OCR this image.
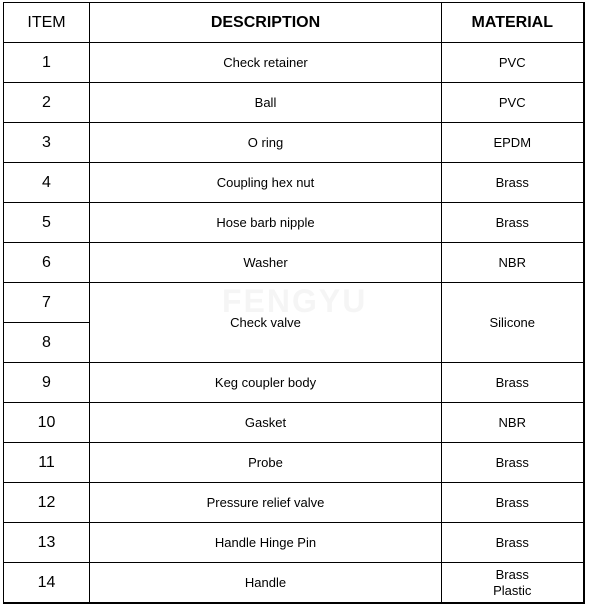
ITEM	DESCRIPTION	MATERIAL
1	Check retainer	PVC
2	Ball	PVC
3	O ring	EPDM
4	Coupling hex nut	Brass
5	Hose barb nipple	Brass
6	Washer	NBR
7	Check valve	Silicone
8		
9	Keg coupler body	Brass
10	Gasket	NBR
11	Probe	Brass
12	Pressure relief valve	Brass
13	Handle Hinge Pin	Brass
14	Handle	Brass
Plastic
FENGYU
